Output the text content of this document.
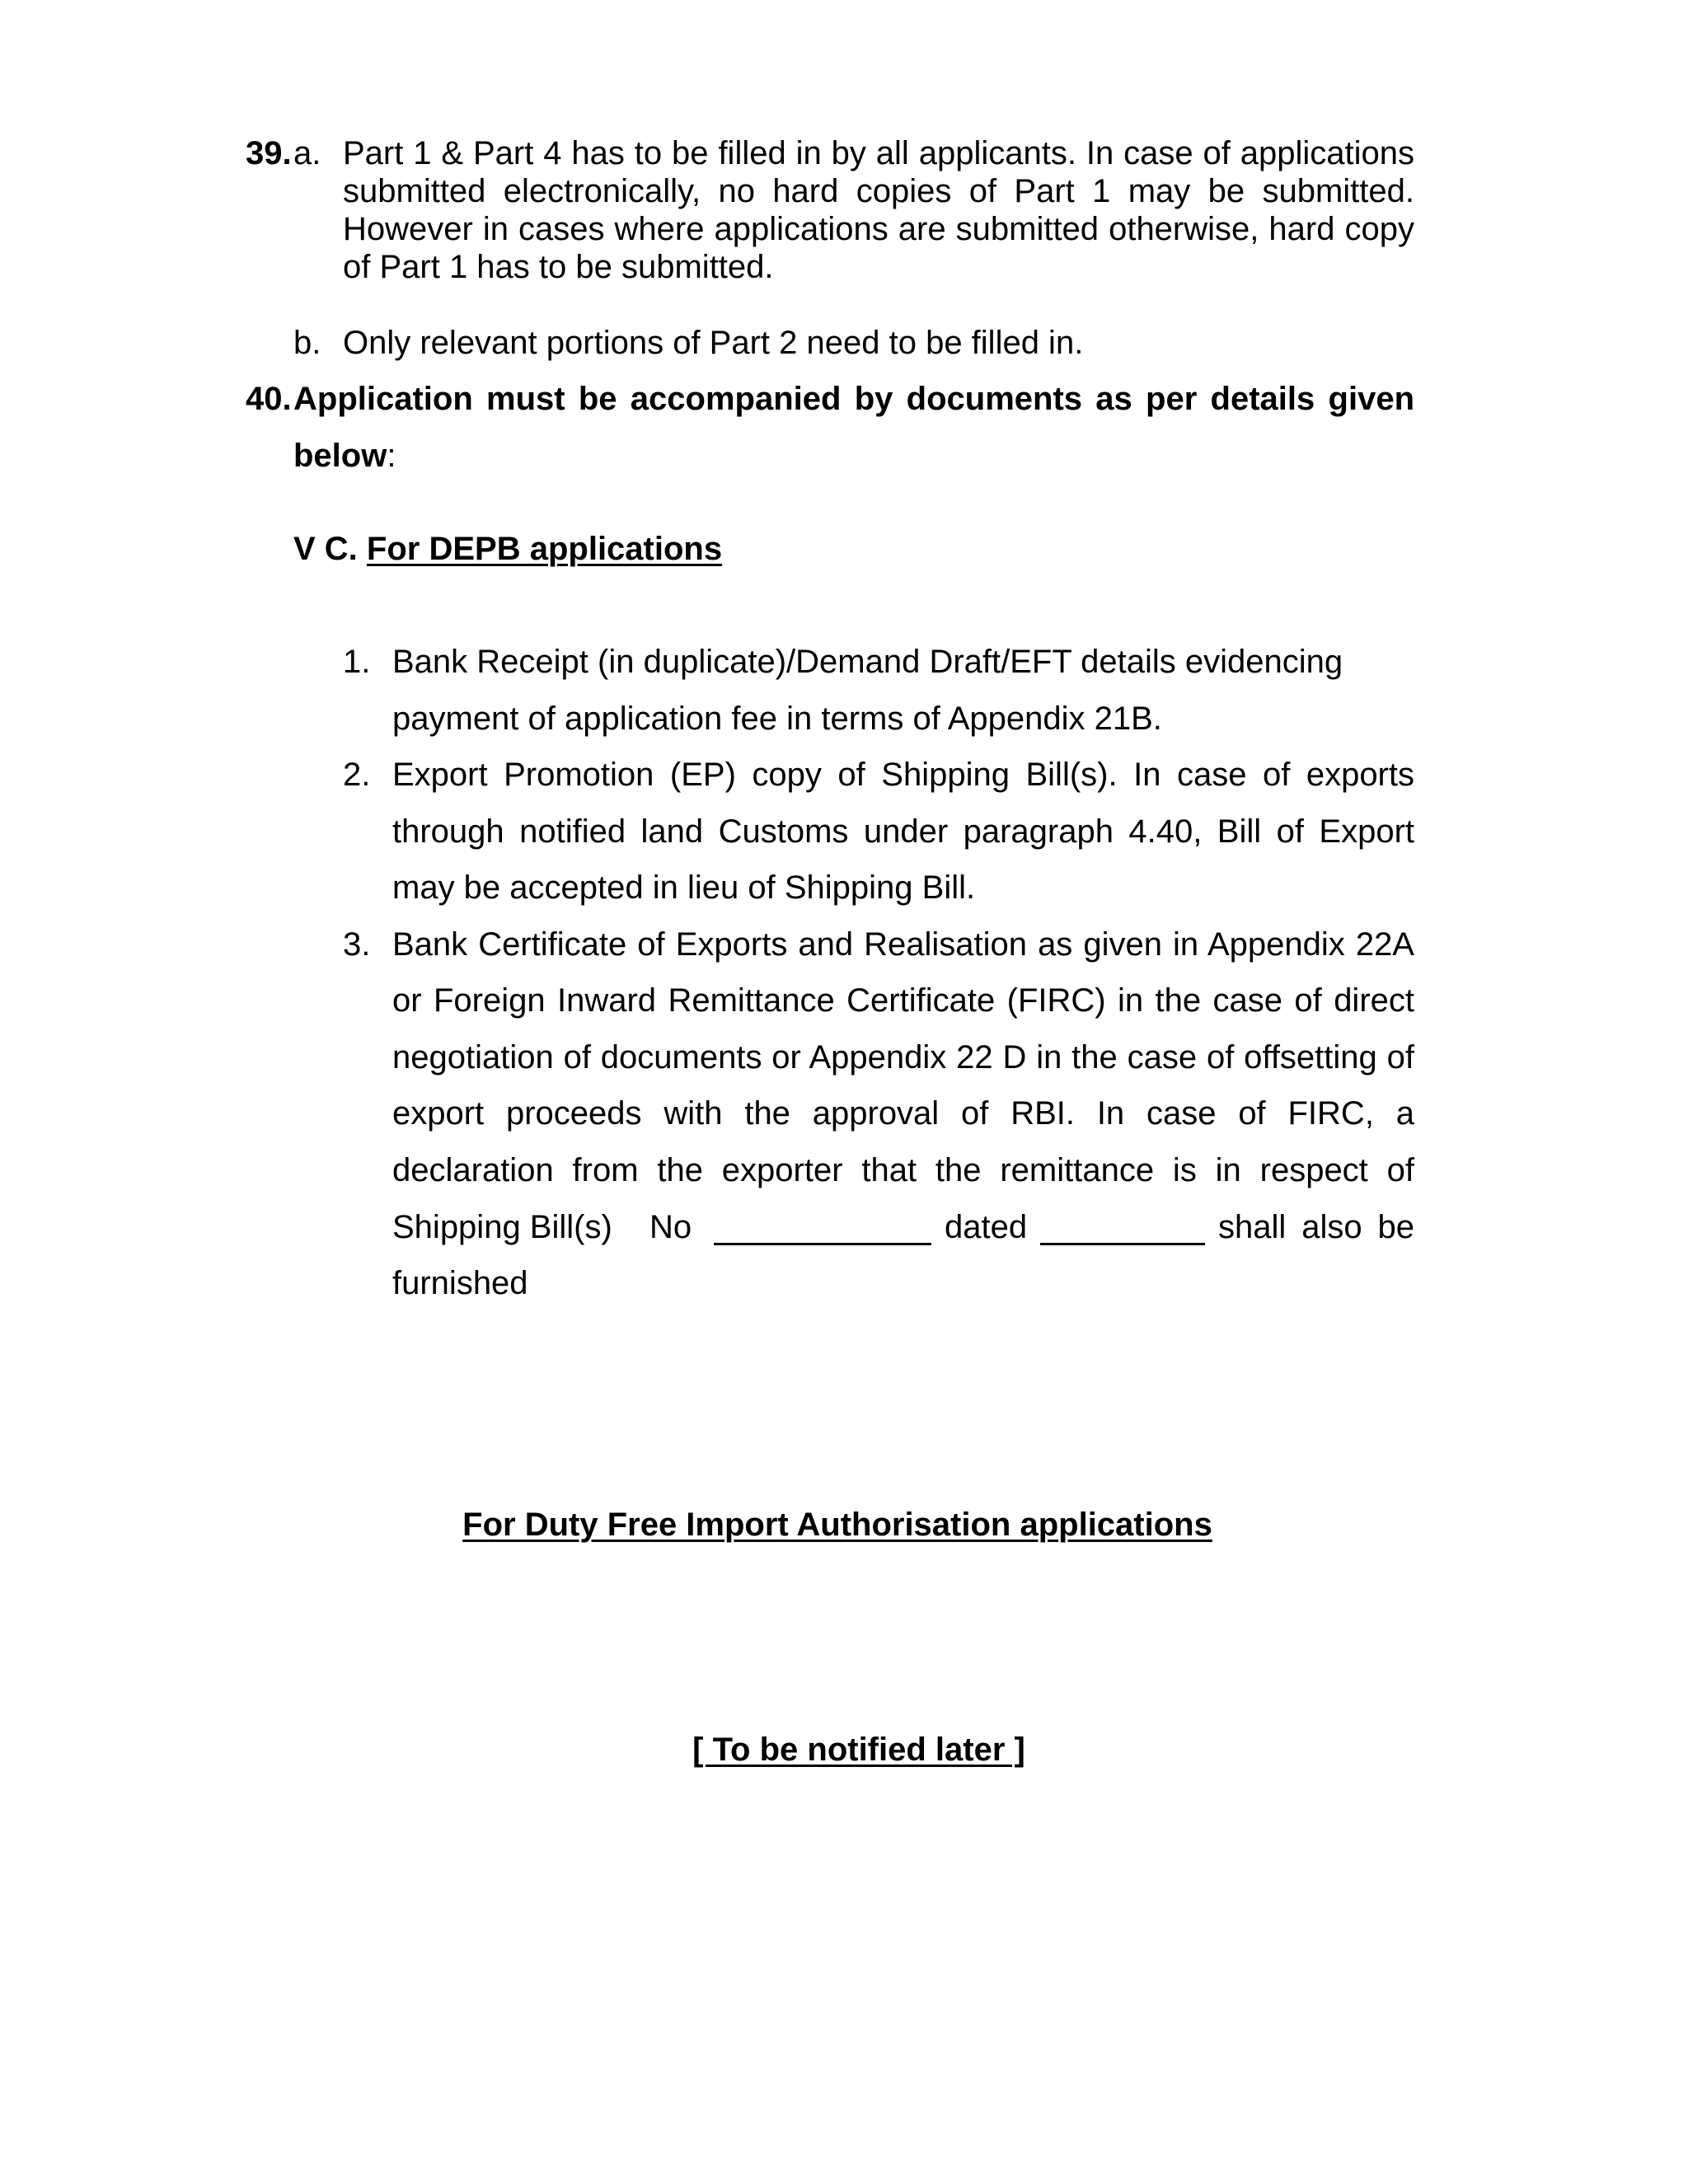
39. a. Part 1 & Part 4 has to be filled in by all applicants. In case of applications
submitted electronically, no hard copies of Part 1 may be submitted.
However in cases where applications are submitted otherwise, hard copy
of Part 1 has to be submitted.
b. Only relevant portions of Part 2 need to be filled in.
40. Application must be accompanied by documents as per details given
below:
V C. For DEPB applications
1. Bank Receipt (in duplicate)/Demand Draft/EFT details evidencing
payment of application fee in terms of Appendix 21B.
2. Export Promotion (EP) copy of Shipping Bill(s). In case of exports
through notified land Customs under paragraph 4.40, Bill of Export
may be accepted in lieu of Shipping Bill.
3. Bank Certificate of Exports and Realisation as given in Appendix 22A
or Foreign Inward Remittance Certificate (FIRC) in the case of direct
negotiation of documents or Appendix 22 D in the case of offsetting of
export proceeds with the approval of RBI. In case of FIRC, a
declaration from the exporter that the remittance is in respect of
Shipping Bill(s) No	dated	shall also be
furnished
For Duty Free Import Authorisation applications
[ To be notified later ]
